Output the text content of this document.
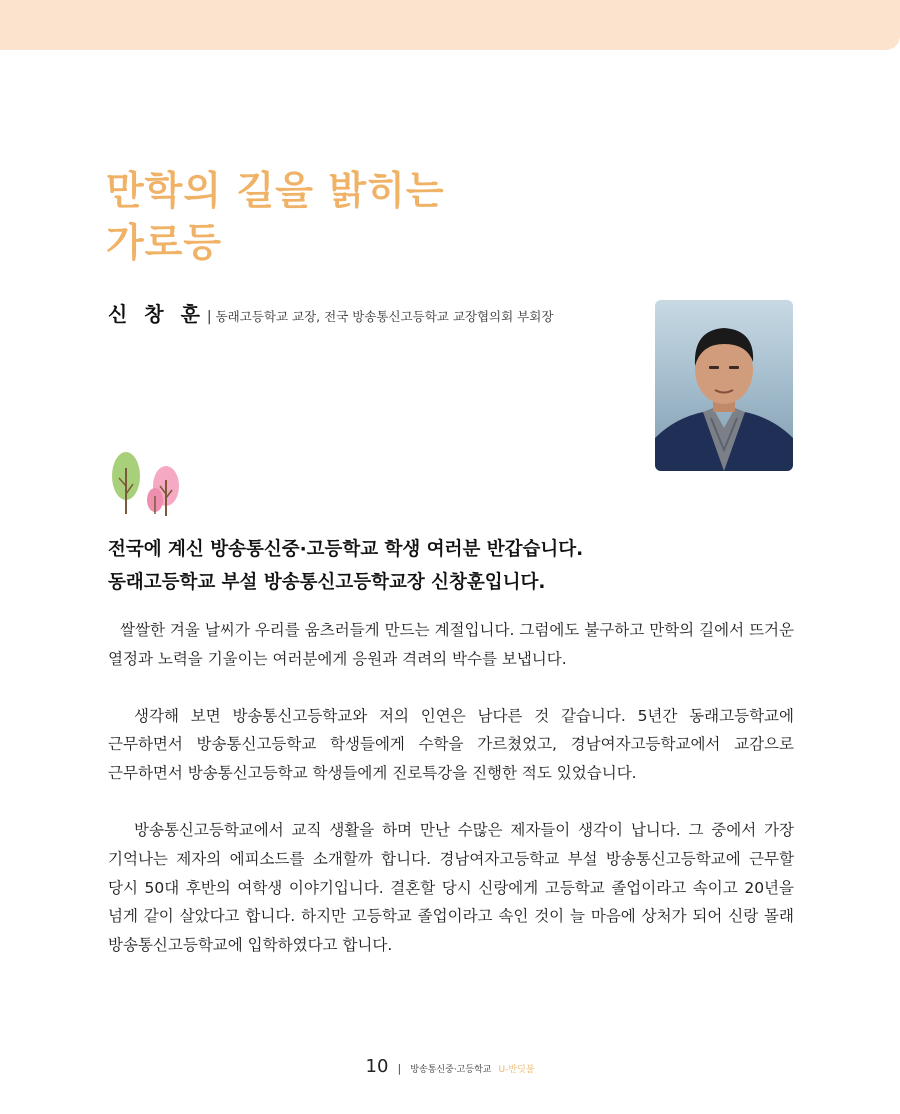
만학의 길을 밝히는
가로등
신 창 훈 | 동래고등학교 교장, 전국 방송통신고등학교 교장협의회 부회장
전국에 계신 방송통신중·고등학교 학생 여러분 반갑습니다.
동래고등학교 부설 방송통신고등학교장 신창훈입니다.

쌀쌀한 겨울 날씨가 우리를 움츠러들게 만드는 계절입니다. 그럼에도 불구하고 만학의 길에서 뜨거운 열정과 노력을 기울이는 여러분에게 응원과 격려의 박수를 보냅니다.

생각해 보면 방송통신고등학교와 저의 인연은 남다른 것 같습니다. 5년간 동래고등학교에 근무하면서 방송통신고등학교 학생들에게 수학을 가르쳤었고, 경남여자고등학교에서 교감으로 근무하면서 방송통신고등학교 학생들에게 진로특강을 진행한 적도 있었습니다.

방송통신고등학교에서 교직 생활을 하며 만난 수많은 제자들이 생각이 납니다. 그 중에서 가장 기억나는 제자의 에피소드를 소개할까 합니다. 경남여자고등학교 부설 방송통신고등학교에 근무할 당시 50대 후반의 여학생 이야기입니다. 결혼할 당시 신랑에게 고등학교 졸업이라고 속이고 20년을 넘게 같이 살았다고 합니다. 하지만 고등학교 졸업이라고 속인 것이 늘 마음에 상처가 되어 신랑 몰래 방송통신고등학교에 입학하였다고 합니다.

10 | 방송통신중·고등학교 U-반딧불
